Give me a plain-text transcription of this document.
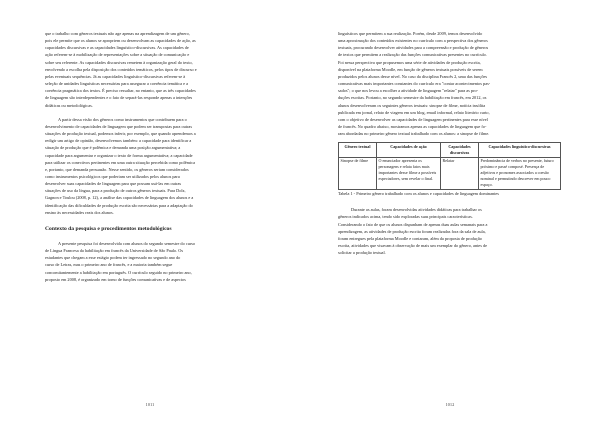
que o trabalho com gêneros textuais não age apenas na aprendizagem de um gênero,

pois ele permite que os alunos se apropriem ou desenvolvam as capacidades de ação, as

capacidades discursivas e as capacidades linguístico-discursivas. As capacidades de

ação referem-se à mobilização de representações sobre a situação de comunicação e

sobre seu referente. As capacidades discursivas remetem à organização geral do texto,

envolvendo a escolha pela disposição dos conteúdos temáticos, pelos tipos de discurso e

pelas eventuais sequências. Já as capacidades linguístico-discursivas referem-se à

seleção de unidades linguísticas necessárias para assegurar a coerência temática e a

coerência pragmática dos textos. É preciso ressaltar, no entanto, que as três capacidades

de linguagem são interdependentes e o fato de separá-las responde apenas a intenções

didáticas ou metodológicas.

A partir dessa visão dos gêneros como instrumentos que contribuem para o

desenvolvimento de capacidades de linguagem que podem ser transpostas para outras

situações de produção textual, podemos inferir, por exemplo, que quando aprendemos a

redigir um artigo de opinião, desenvolvemos também: a capacidade para identificar a

situação de produção que é polêmica e demanda uma posição argumentativa; a

capacidade para argumentar e organizar o texto de forma argumentativa; a capacidade

para utilizar os conectivos pertinentes em uma outra situação percebida como polêmica

e, portanto, que demanda persuasão. Nesse sentido, os gêneros seriam considerados

como instrumentos psicológicos que poderiam ser utilizados pelos alunos para

desenvolver suas capacidades de linguagem para que possam usá-las em outras

situações de uso da língua, para a produção de outros gêneros textuais. Para Dolz,

Gagnon e Toulou (2008, p. 12), a análise das capacidades de linguagem dos alunos e a

identificação das dificuldades de produção escrita são necessárias para a adaptação do

ensino às necessidades reais dos alunos.

Contexto da pesquisa e procedimentos metodológicos

A presente pesquisa foi desenvolvida com alunos do segundo semestre do curso

de Língua Francesa da habilitação em francês da Universidade de São Paulo. Os

estudantes que chegam a esse estágio podem ter ingressado no segundo ano do

curso de Letras, mas o primeiro ano de francês, e a maioria também segue

concomitantemente a habilitação em português. O currículo seguido no primeiro ano,

proposto em 2008, é organizado em torno de funções comunicativas e de aspectos

1011

linguísticos que permitem a sua realização. Porém, desde 2009, temos desenvolvido

uma aproximação dos conteúdos existentes no currículo com a perspectiva dos gêneros

textuais, procurando desenvolver atividades para a compreensão e produção de gêneros

de textos que permitem a realização das funções comunicativas presentes no currículo.

Foi nessa perspectiva que propusemos uma série de atividades de produção escrita,

disponível na plataforma Moodle, em função de gêneros textuais possíveis de serem

produzidos pelos alunos desse nível. No caso da disciplina Francês 2, uma das funções

comunicativas mais importantes constantes do currículo era "contar acontecimentos pas-

sados"; o que nos levou a escolher a atividade de linguagem "relatar" para as pro-

duções escritas. Portanto, no segundo semestre da habilitação em francês, em 2012, os

alunos desenvolveram os seguintes gêneros textuais: sinopse de filme, notícia insólita

publicada em jornal, relato de viagem em um blog, email informal, relato literário curto,

com o objetivo de desenvolver as capacidades de linguagem pertinentes para esse nível

de francês. No quadro abaixo, mostramos apenas as capacidades de linguagem que fo-

ram abordadas no primeiro gênero textual trabalhado com os alunos: a sinopse de filme.

Gênero textual	Capacidades de ação	Capacidades discursivas	Capacidades linguístico-discursivas
Sinopse de filme	O enunciador apresenta os personagens e relata fatos mais importantes desse filme a possíveis espectadores, sem revelar o final.	Relatar	Predominância de verbos no presente, futuro próximo e passé composé. Presença de adjetivos e pronomes associados a coesão nominal e permutindo descrever em pouco espaço.
Tabela 1 - Primeiro gênero trabalhado com os alunos e capacidades de linguagem dominantes

Durante as aulas, foram desenvolvidas atividades didáticas para trabalhar os

gêneros indicados acima, tendo sido exploradas suas principais características.

Considerando o fato de que os alunos dispunham de apenas duas aulas semanais para a

aprendizagem, as atividades de produção escrita foram realizadas fora da sala de aula,

foram entregues pela plataforma Moodle e contaram, além da proposta de produção

escrita, atividades que visavam à observação de mais um exemplar do gênero, antes de

solicitar a produção textual.

1012
